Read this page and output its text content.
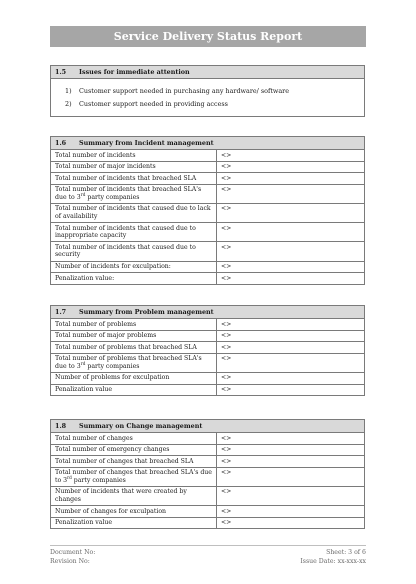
Service Delivery Status Report
1.5	Issues for immediate attention
1)	Customer support needed in purchasing any hardware/ software
2)	Customer support needed in providing access
1.6	Summary from Incident management
Total number of incidents	<>
Total number of major incidents	<>
Total number of incidents that breached SLA	<>
Total number of incidents that breached SLA's due to 3rd party companies	<>
Total number of incidents that caused due to lack of availability	<>
Total number of incidents that caused due to inappropriate capacity	<>
Total number of incidents that caused due to security	<>
Number of incidents for exculpation:	<>
Penalization value:	<>
1.7	Summary from Problem management
Total number of problems	<>
Total number of major problems	<>
Total number of problems that breached SLA	<>
Total number of problems that breached SLA's due to 3rd party companies	<>
Number of problems for exculpation	<>
Penalization value	<>
1.8	Summary on Change management
Total number of changes	<>
Total number of emergency changes	<>
Total number of changes that breached SLA	<>
Total number of changes that breached SLA's due to 3rd party companies	<>
Number of incidents that were created by changes	<>
Number of changes for exculpation	<>
Penalization value	<>
Document No:
Revision No:
Sheet: 3 of 6
Issue Date: xx-xxx-xx
